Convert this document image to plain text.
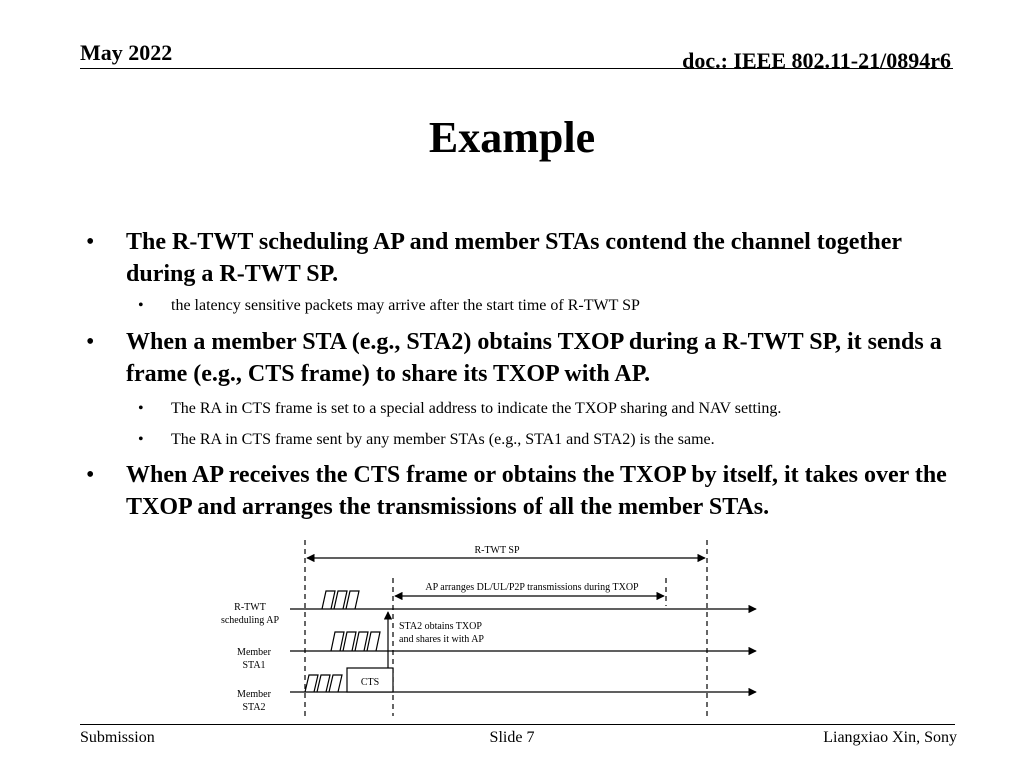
May 2022	doc.: IEEE 802.11-21/0894r6
Example
• The R-TWT scheduling AP and member STAs contend the channel together during a R-TWT SP.
• the latency sensitive packets may arrive after the start time of R-TWT SP
• When a member STA (e.g., STA2) obtains TXOP during a R-TWT SP, it sends a frame (e.g., CTS frame) to share its TXOP with AP.
• The RA in CTS frame is set to a special address to indicate the TXOP sharing and NAV setting.
• The RA in CTS frame sent by any member STAs (e.g., STA1 and STA2) is the same.
• When AP receives the CTS frame or obtains the TXOP by itself, it takes over the TXOP and arranges the transmissions of all the member STAs.
R-TWT SP
AP arranges DL/UL/P2P transmissions during TXOP
CTS
STA2 obtains TXOP
and shares it with AP
R-TWT
scheduling AP
Member
STA1
Member
STA2
Submission	Slide 7	Liangxiao Xin, Sony
